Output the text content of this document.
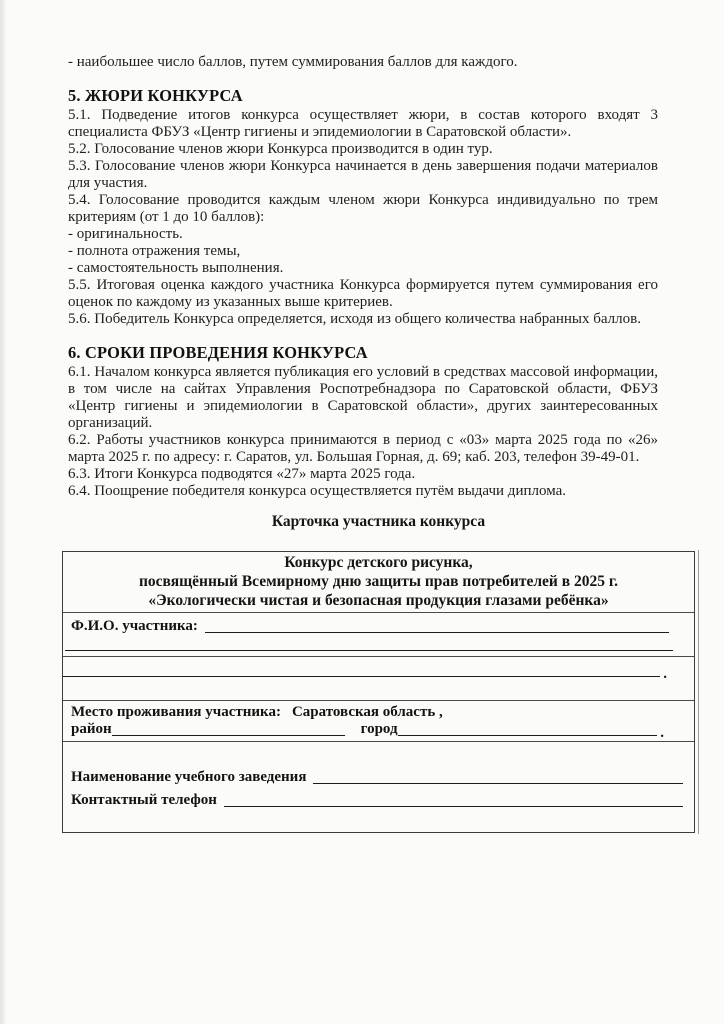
- наибольшее число баллов, путем суммирования баллов для каждого.

5. ЖЮРИ КОНКУРСА

5.1. Подведение итогов конкурса осуществляет жюри, в состав которого входят 3 специалиста ФБУЗ «Центр гигиены и эпидемиологии в Саратовской области».

5.2. Голосование членов жюри Конкурса производится в один тур.

5.3. Голосование членов жюри Конкурса начинается в день завершения подачи материалов для участия.

5.4. Голосование проводится каждым членом жюри Конкурса индивидуально по трем критериям (от 1 до 10 баллов):

- оригинальность.

- полнота отражения темы,

- самостоятельность выполнения.

5.5. Итоговая оценка каждого участника Конкурса формируется путем суммирования его оценок по каждому из указанных выше критериев.

5.6. Победитель Конкурса определяется, исходя из общего количества набранных баллов.

6. СРОКИ ПРОВЕДЕНИЯ КОНКУРСА

6.1. Началом конкурса является публикация его условий в средствах массовой информации, в том числе на сайтах Управления Роспотребнадзора по Саратовской области, ФБУЗ «Центр гигиены и эпидемиологии в Саратовской области», других заинтересованных организаций.

6.2. Работы участников конкурса принимаются в период с «03» марта 2025 года по «26» марта 2025 г. по адресу: г. Саратов, ул. Большая Горная, д. 69; каб. 203, телефон 39-49-01.

6.3. Итоги Конкурса подводятся «27» марта 2025 года.

6.4. Поощрение победителя конкурса осуществляется путём выдачи диплома.

Карточка участника конкурса

Конкурс детского рисунка,
посвящённый Всемирному дню защиты прав потребителей в 2025 г.
«Экологически чистая и безопасная продукция глазами ребёнка»
Ф.И.О. участника:
.
Место проживания участника: Саратовская область ,
район	город	.
Наименование учебного заведения
Контактный телефон
